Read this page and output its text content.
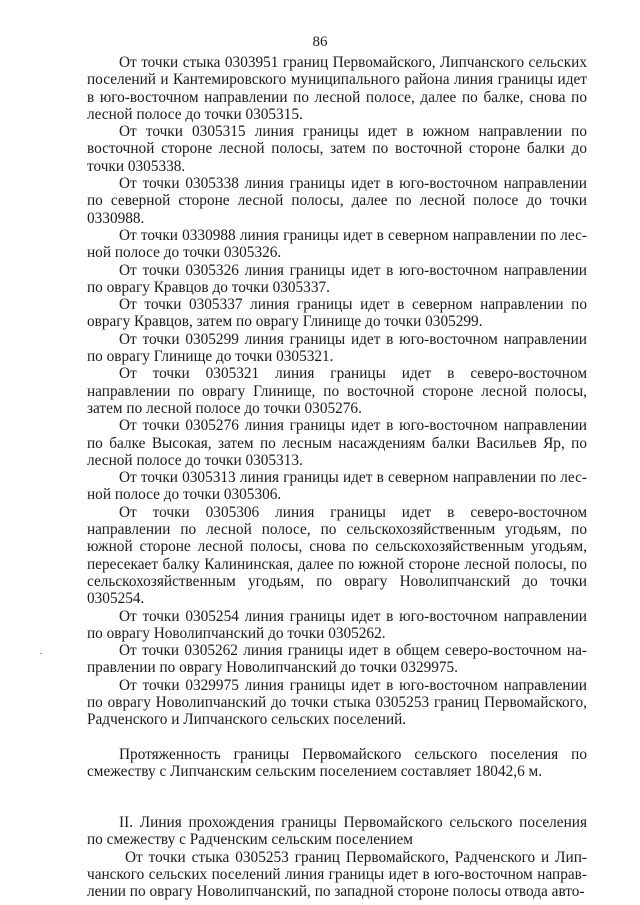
86

От точки стыка 0303951 границ Первомайского, Липчанского сельских поселений и Кантемировского муниципального района линия границы идет в юго-восточном направлении по лесной полосе, далее по балке, снова по лесной полосе до точки 0305315.

От точки 0305315 линия границы идет в южном направлении по восточной стороне лесной полосы, затем по восточной стороне балки до точки 0305338.

От точки 0305338 линия границы идет в юго-восточном направлении по северной стороне лесной полосы, далее по лесной полосе до точки 0330988.

От точки 0330988 линия границы идет в северном направлении по лесной полосе до точки 0305326.

От точки 0305326 линия границы идет в юго-восточном направлении по оврагу Кравцов до точки 0305337.

От точки 0305337 линия границы идет в северном направлении по оврагу Кравцов, затем по оврагу Глинище до точки 0305299.

От точки 0305299 линия границы идет в юго-восточном направлении по оврагу Глинище до точки 0305321.

От точки 0305321 линия границы идет в северо-восточном направлении по оврагу Глинище, по восточной стороне лесной полосы, затем по лесной полосе до точки 0305276.

От точки 0305276 линия границы идет в юго-восточном направлении по балке Высокая, затем по лесным насаждениям балки Васильев Яр, по лесной полосе до точки 0305313.

От точки 0305313 линия границы идет в северном направлении по лесной полосе до точки 0305306.

От точки 0305306 линия границы идет в северо-восточном направлении по лесной полосе, по сельскохозяйственным угодьям, по южной стороне лесной полосы, снова по сельскохозяйственным угодьям, пересекает балку Калининская, далее по южной стороне лесной полосы, по сельскохозяйственным угодьям, по оврагу Новолипчанский до точки 0305254.

От точки 0305254 линия границы идет в юго-восточном направлении по оврагу Новолипчанский до точки 0305262.

От точки 0305262 линия границы идет в общем северо-восточном направлении по оврагу Новолипчанский до точки 0329975.

От точки 0329975 линия границы идет в юго-восточном направлении по оврагу Новолипчанский до точки стыка 0305253 границ Первомайского, Радченского и Липчанского сельских поселений.

Протяженность границы Первомайского сельского поселения по смежеству с Липчанским сельским поселением составляет 18042,6 м.

II. Линия прохождения границы Первомайского сельского поселения по смежеству с Радченским сельским поселением

От точки стыка 0305253 границ Первомайского, Радченского и Липчанского сельских поселений линия границы идет в юго-восточном направлении по оврагу Новолипчанский, по западной стороне полосы отвода авто-
